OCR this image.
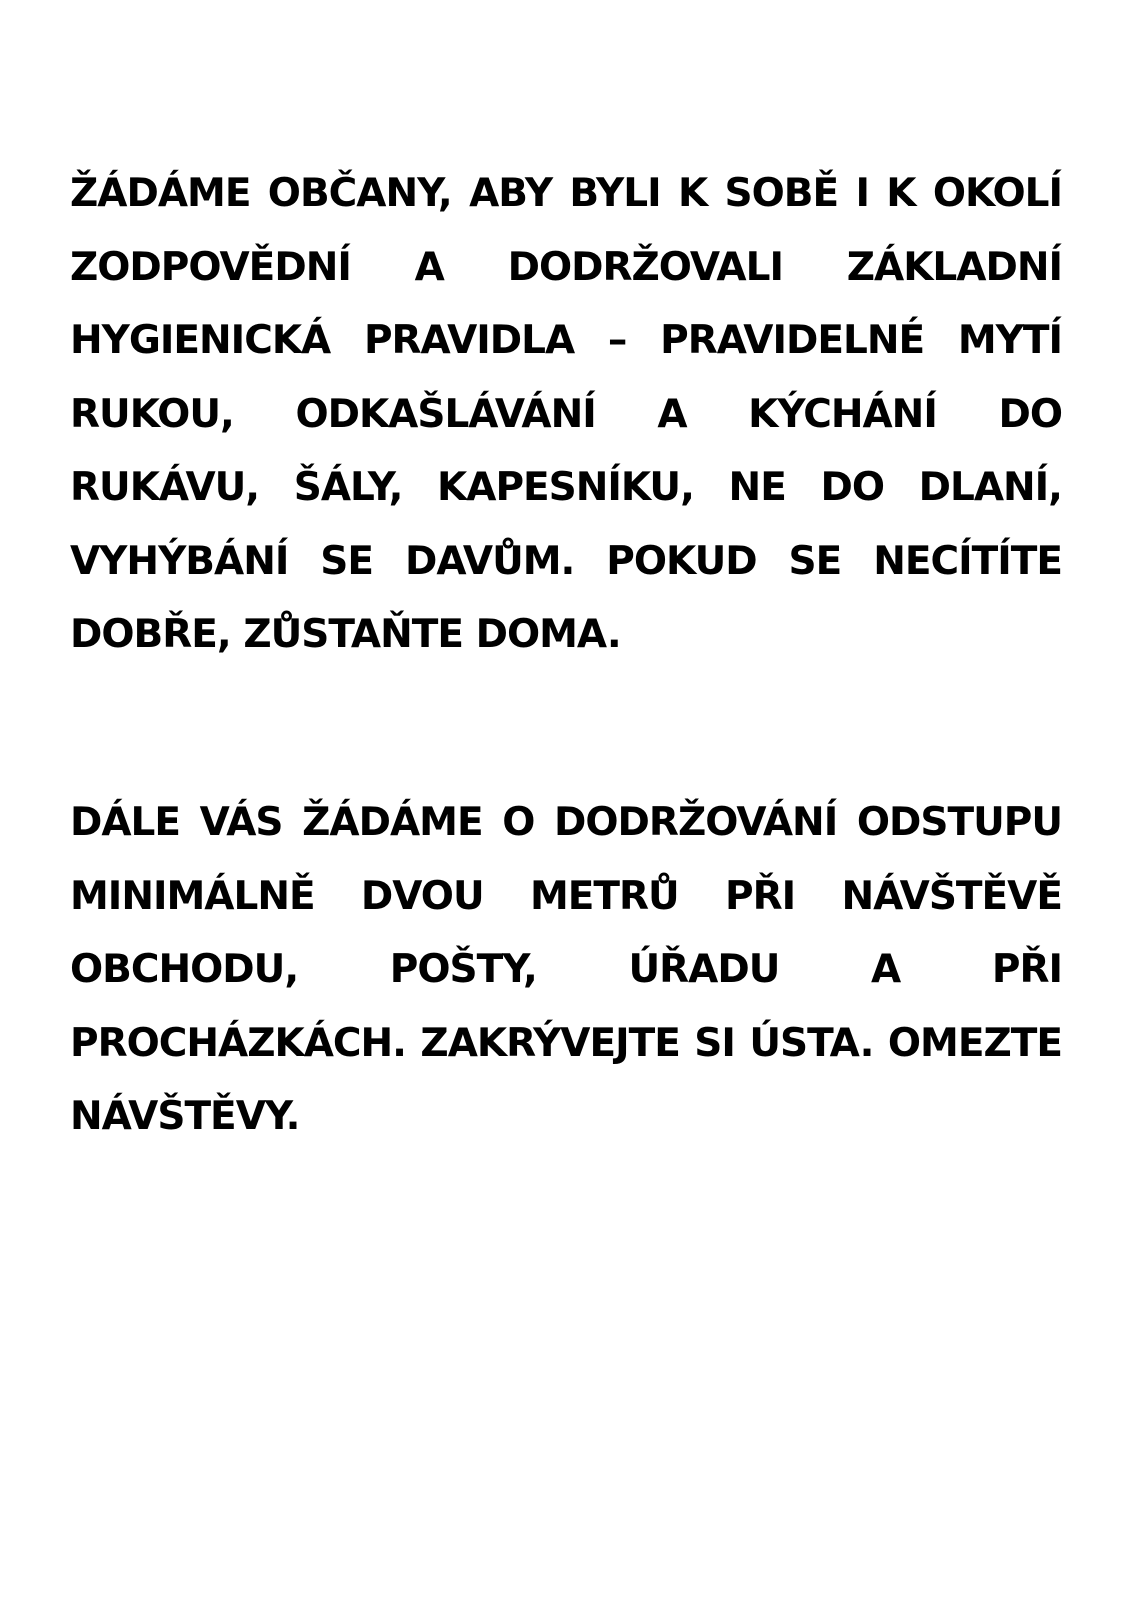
ŽÁDÁME OBČANY, ABY BYLI K SOBĚ I K OKOLÍ ZODPOVĚDNÍ A DODRŽOVALI ZÁKLADNÍ HYGIENICKÁ PRAVIDLA – PRAVIDELNÉ MYTÍ RUKOU, ODKAŠLÁVÁNÍ A KÝCHÁNÍ DO RUKÁVU, ŠÁLY, KAPESNÍKU, NE DO DLANÍ, VYHÝBÁNÍ SE DAVŮM. POKUD SE NECÍTÍTE DOBŘE, ZŮSTAŇTE DOMA.

DÁLE VÁS ŽÁDÁME O DODRŽOVÁNÍ ODSTUPU MINIMÁLNĚ DVOU METRŮ PŘI NÁVŠTĚVĚ OBCHODU, POŠTY, ÚŘADU A PŘI PROCHÁZKÁCH. ZAKRÝVEJTE SI ÚSTA. OMEZTE NÁVŠTĚVY.
